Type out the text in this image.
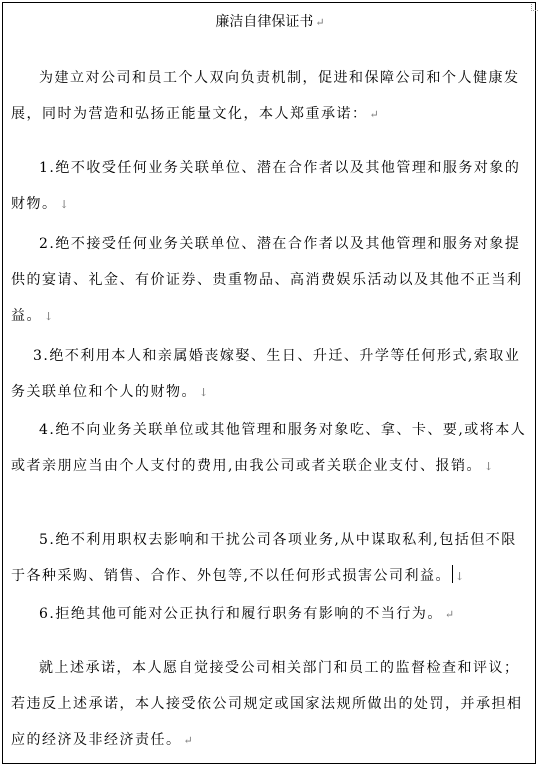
廉洁自律保证书 ↵
为建立对公司和员工个人双向负责机制，促进和保障公司和个人健康发展，同时为营造和弘扬正能量文化，本人郑重承诺： ↵
1.绝不收受任何业务关联单位、潜在合作者以及其他管理和服务对象的财物。 ↓
2.绝不接受任何业务关联单位、潜在合作者以及其他管理和服务对象提供的宴请、礼金、有价证券、贵重物品、高消费娱乐活动以及其他不正当利益。 ↓
3.绝不利用本人和亲属婚丧嫁娶、生日、升迁、升学等任何形式,索取业务关联单位和个人的财物。 ↓
4.绝不向业务关联单位或其他管理和服务对象吃、拿、卡、要,或将本人或者亲朋应当由个人支付的费用,由我公司或者关联企业支付、报销。 ↓
5.绝不利用职权去影响和干扰公司各项业务,从中谋取私利,包括但不限于各种采购、销售、合作、外包等,不以任何形式损害公司利益。 ↓
6.拒绝其他可能对公正执行和履行职务有影响的不当行为。 ↵
就上述承诺，本人愿自觉接受公司相关部门和员工的监督检查和评议；若违反上述承诺，本人接受依公司规定或国家法规所做出的处罚，并承担相应的经济及非经济责任。 ↵
